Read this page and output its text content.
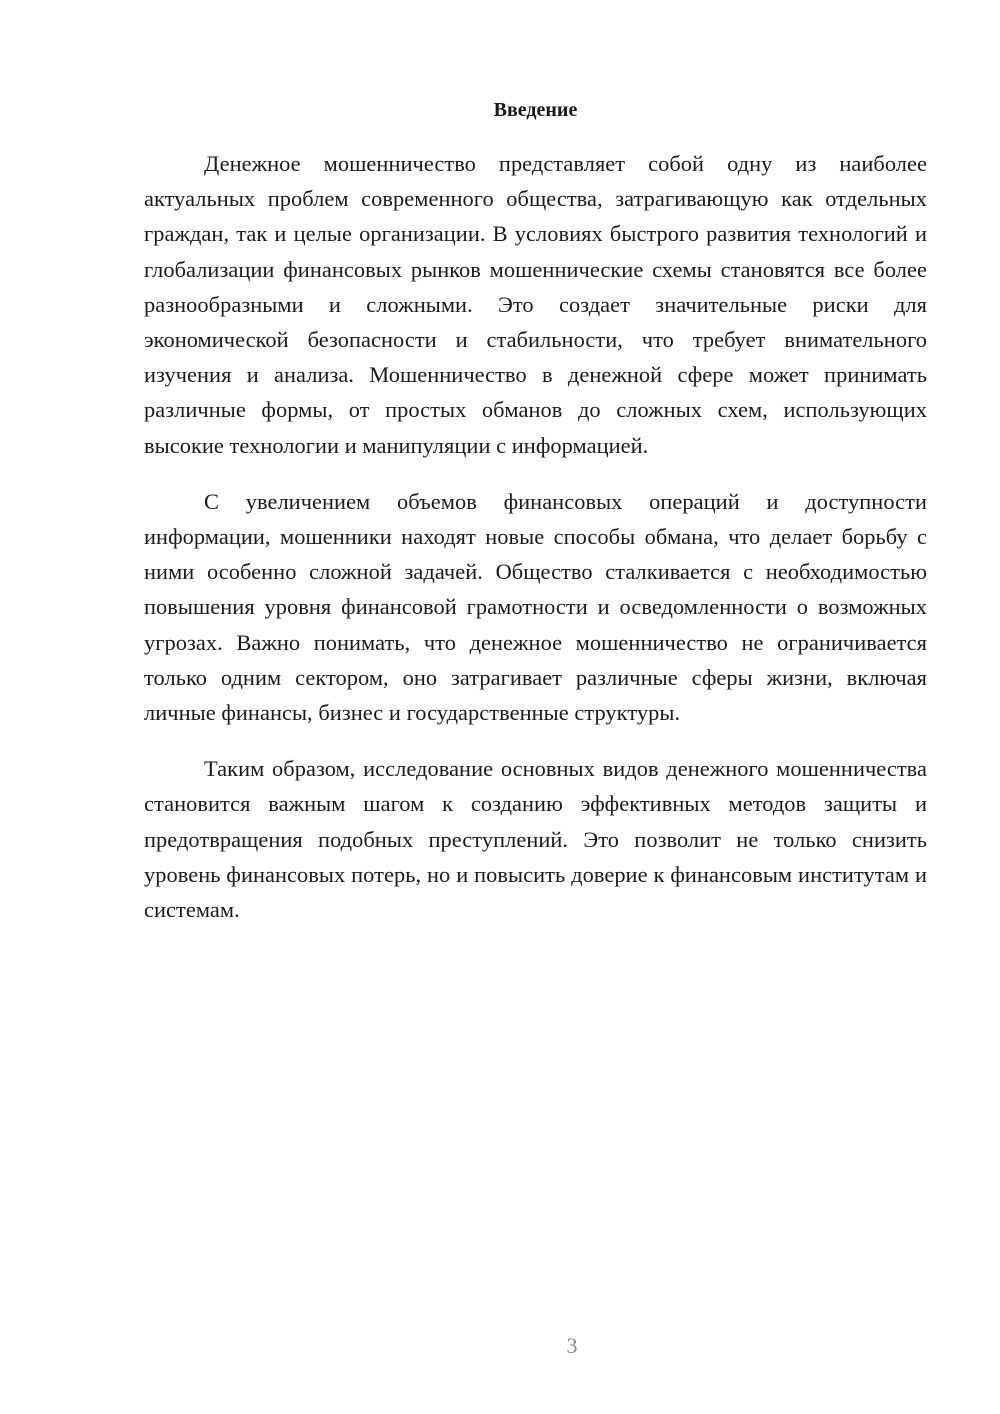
Введение

Денежное мошенничество представляет собой одну из наиболее актуальных проблем современного общества, затрагивающую как отдельных граждан, так и целые организации. В условиях быстрого развития технологий и глобализации финансовых рынков мошеннические схемы становятся все более разнообразными и сложными. Это создает значительные риски для экономической безопасности и стабильности, что требует внимательного изучения и анализа. Мошенничество в денежной сфере может принимать различные формы, от простых обманов до сложных схем, использующих высокие технологии и манипуляции с информацией.

С увеличением объемов финансовых операций и доступности информации, мошенники находят новые способы обмана, что делает борьбу с ними особенно сложной задачей. Общество сталкивается с необходимостью повышения уровня финансовой грамотности и осведомленности о возможных угрозах. Важно понимать, что денежное мошенничество не ограничивается только одним сектором, оно затрагивает различные сферы жизни, включая личные финансы, бизнес и государственные структуры.

Таким образом, исследование основных видов денежного мошенничества становится важным шагом к созданию эффективных методов защиты и предотвращения подобных преступлений. Это позволит не только снизить уровень финансовых потерь, но и повысить доверие к финансовым институтам и системам.

3
